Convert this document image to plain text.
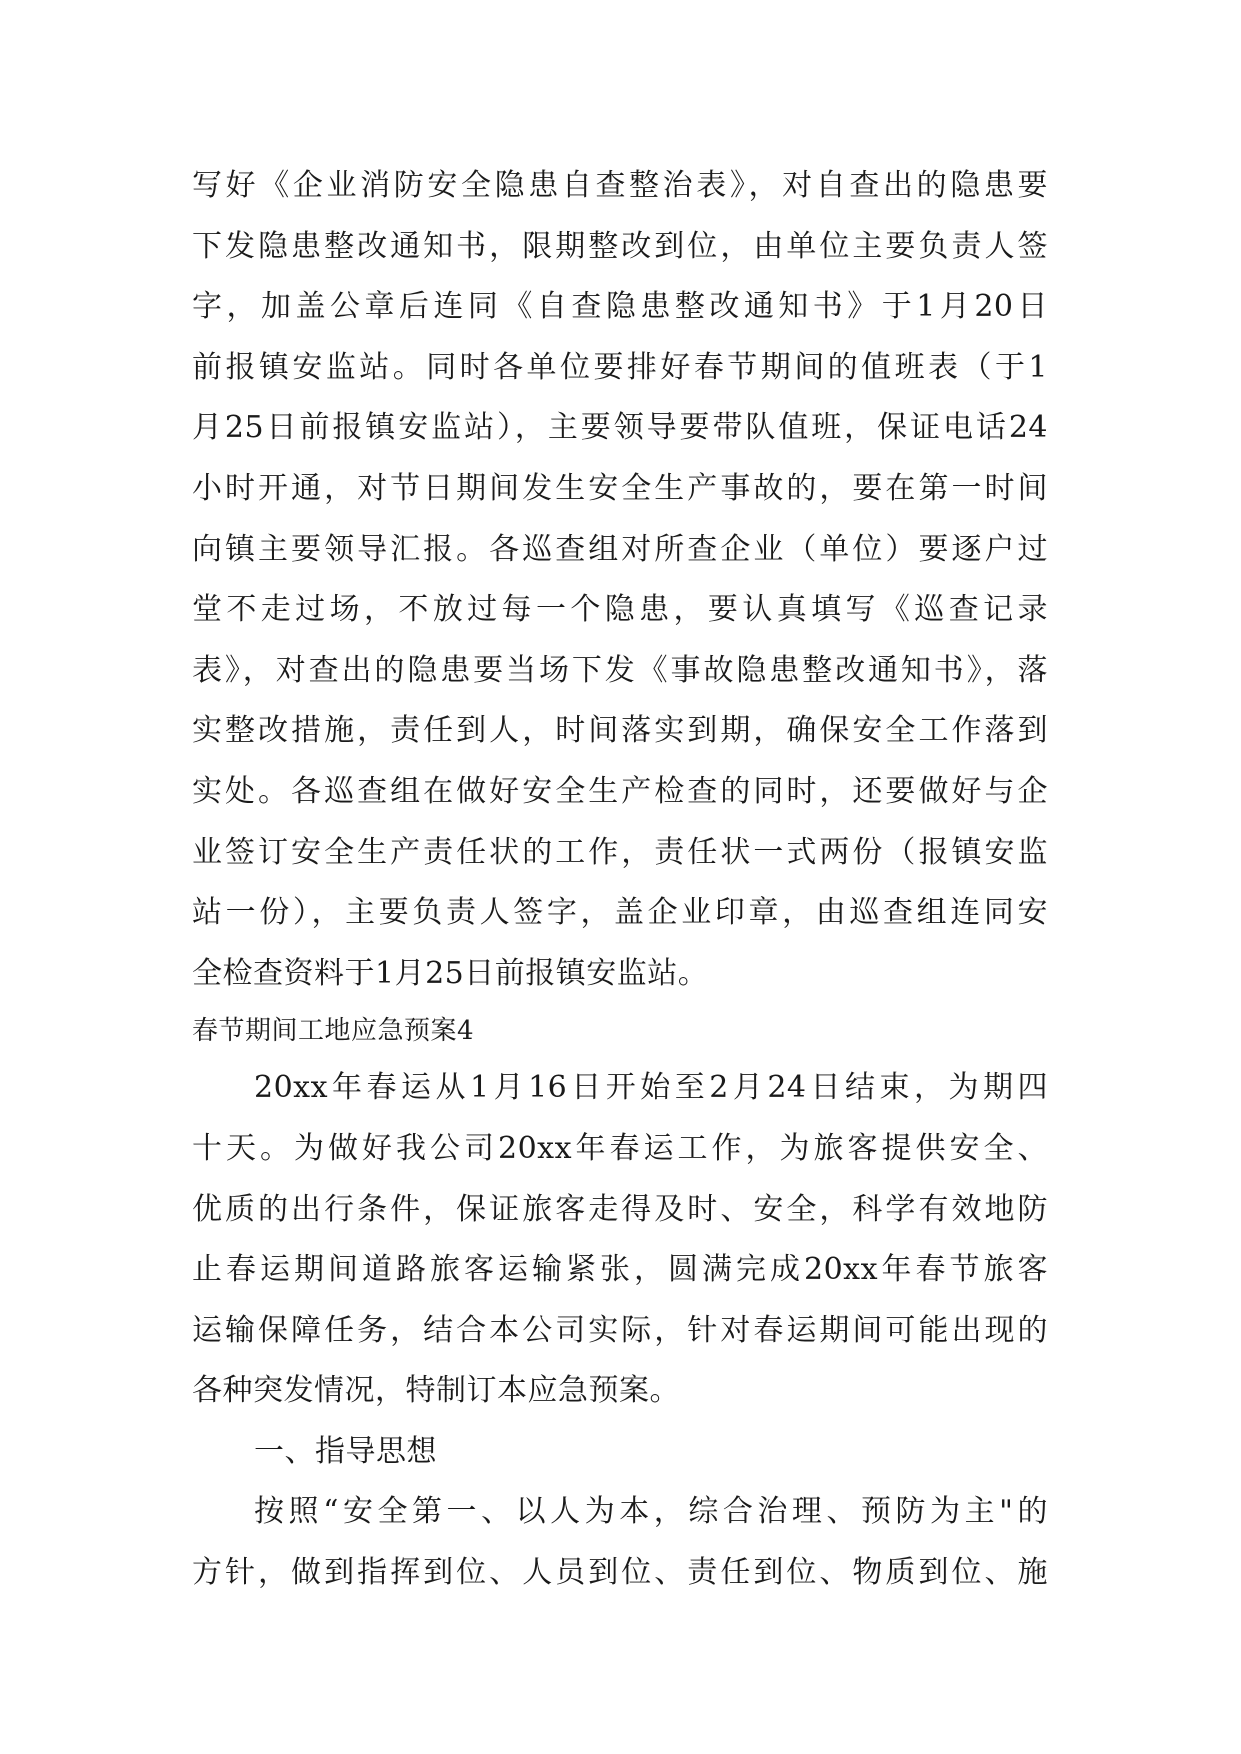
写好《企业消防安全隐患自查整治表》，对自查出的隐患要
下发隐患整改通知书，限期整改到位，由单位主要负责人签
字，加盖公章后连同《自查隐患整改通知书》于1月20日
前报镇安监站。同时各单位要排好春节期间的值班表（于1
月25日前报镇安监站），主要领导要带队值班，保证电话24
小时开通，对节日期间发生安全生产事故的，要在第一时间
向镇主要领导汇报。各巡查组对所查企业（单位）要逐户过
堂不走过场，不放过每一个隐患，要认真填写《巡查记录
表》，对查出的隐患要当场下发《事故隐患整改通知书》，落
实整改措施，责任到人，时间落实到期，确保安全工作落到
实处。各巡查组在做好安全生产检查的同时，还要做好与企
业签订安全生产责任状的工作，责任状一式两份（报镇安监
站一份），主要负责人签字，盖企业印章，由巡查组连同安
全检查资料于1月25日前报镇安监站。
春节期间工地应急预案4
20xx年春运从1月16日开始至2月24日结束，为期四
十天。为做好我公司20xx年春运工作，为旅客提供安全、
优质的出行条件，保证旅客走得及时、安全，科学有效地防
止春运期间道路旅客运输紧张，圆满完成20xx年春节旅客
运输保障任务，结合本公司实际，针对春运期间可能出现的
各种突发情况，特制订本应急预案。
一、指导思想
按照“安全第一、以人为本，综合治理、预防为主"的
方针，做到指挥到位、人员到位、责任到位、物质到位、施
